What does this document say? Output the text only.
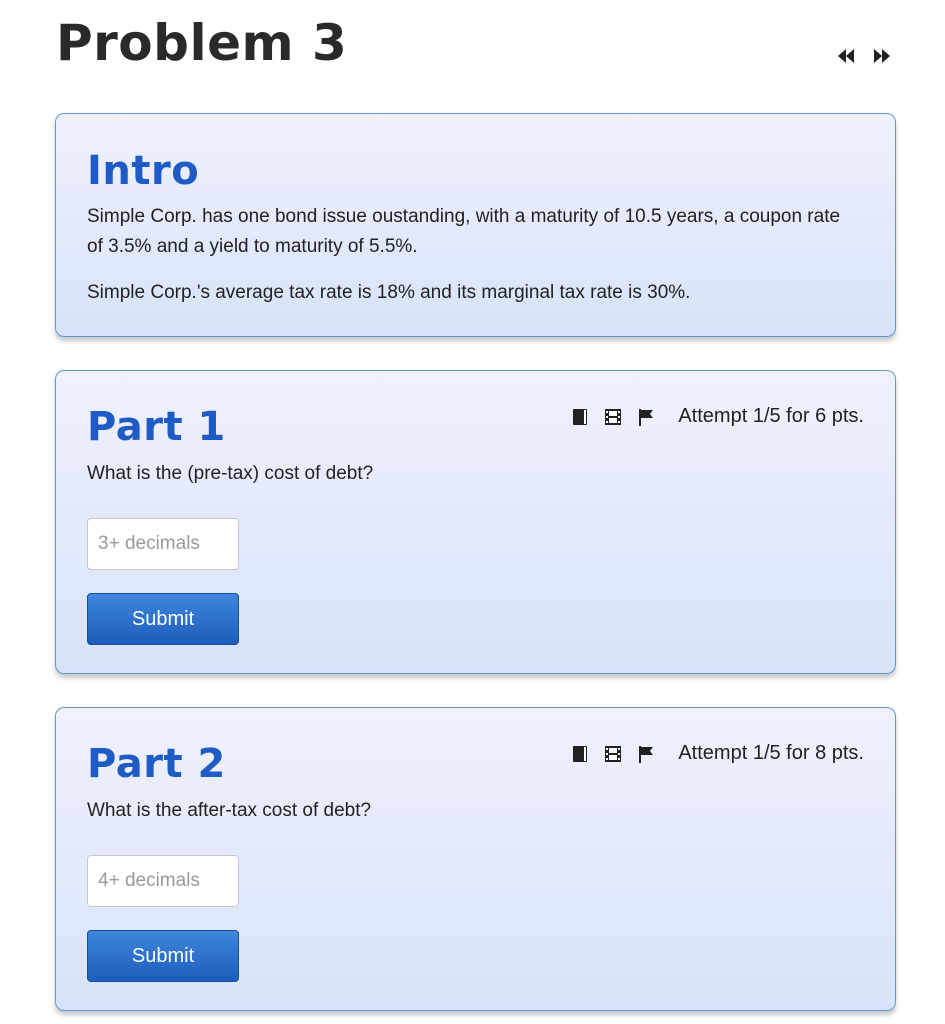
Problem 3
Intro

Simple Corp. has one bond issue oustanding, with a maturity of 10.5 years, a coupon rate of 3.5% and a yield to maturity of 5.5%.

Simple Corp.'s average tax rate is 18% and its marginal tax rate is 30%.

Part 1	Attempt 1/5 for 6 pts.

What is the (pre-tax) cost of debt?

3+ decimals
Submit
Part 2	Attempt 1/5 for 8 pts.

What is the after-tax cost of debt?

4+ decimals
Submit
